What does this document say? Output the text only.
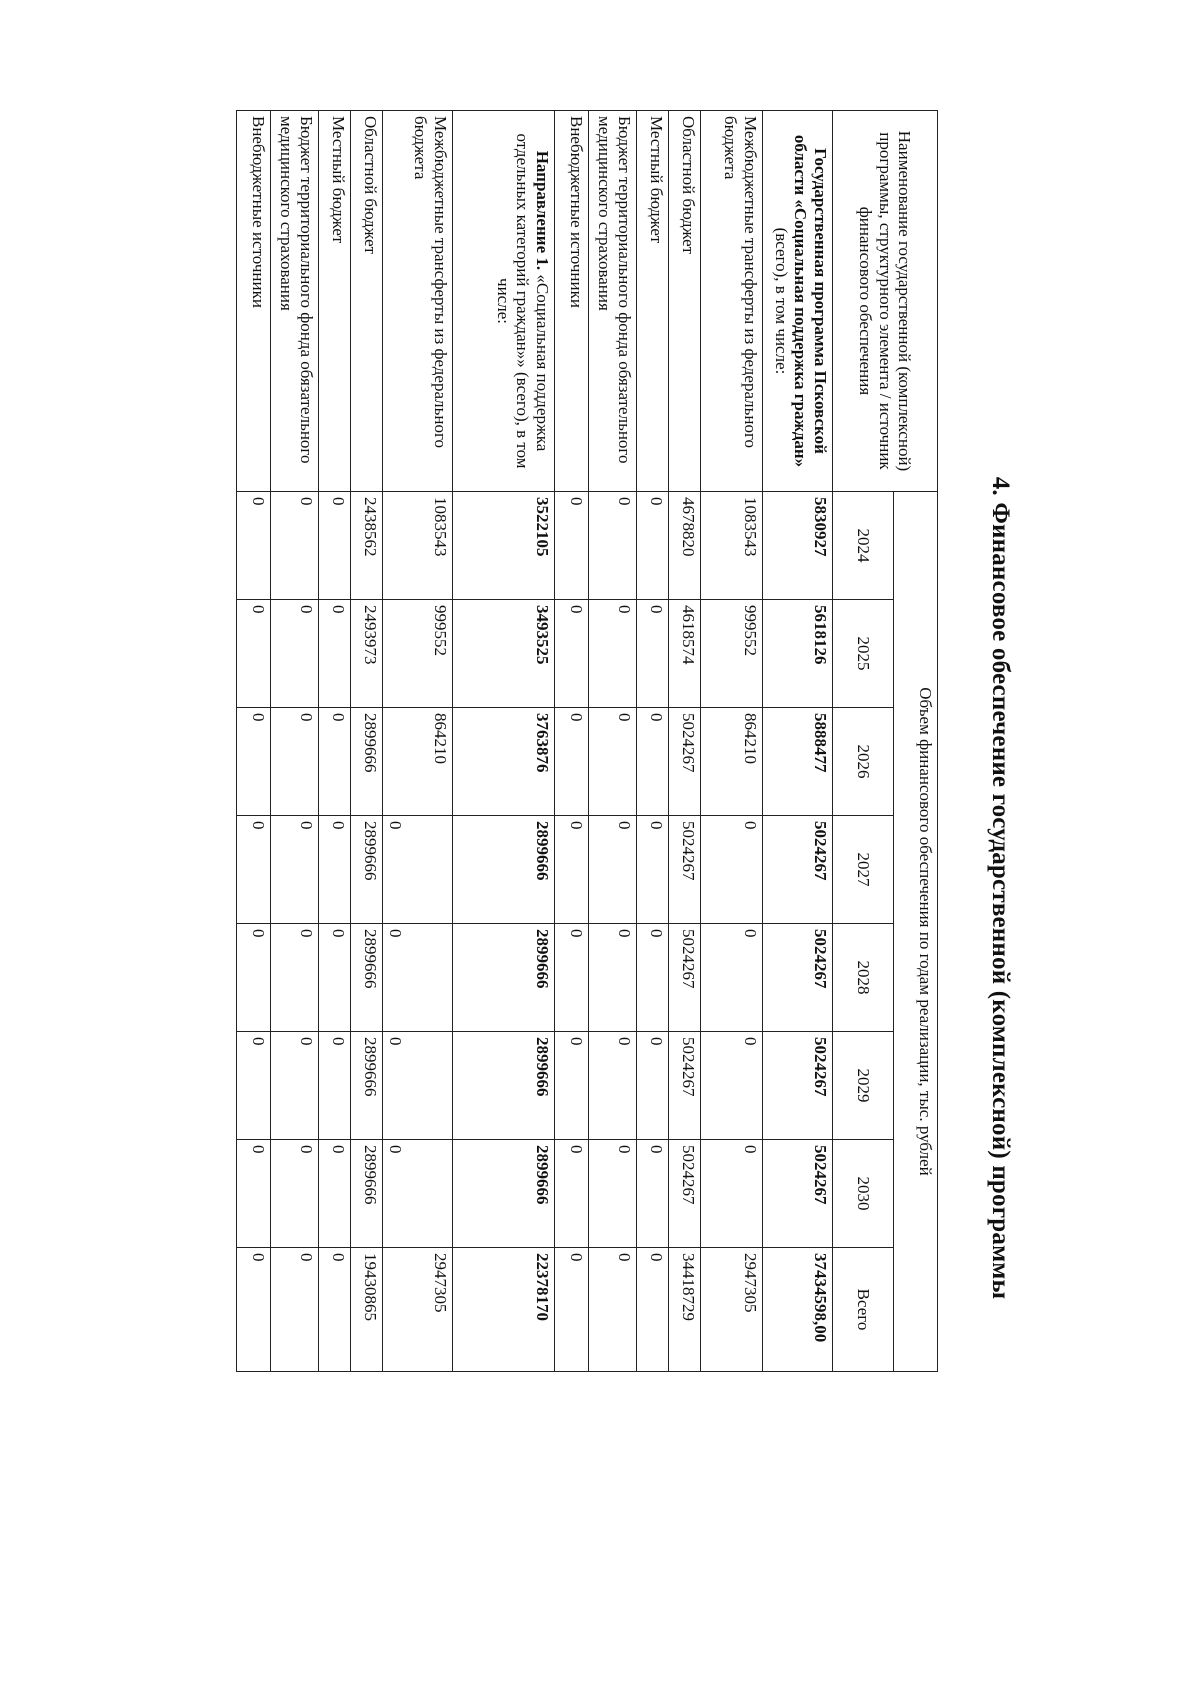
4. Финансовое обеспечение государственной (комплексной) программы
Наименование государственной (комплексной) программы, структурного элемента / источник финансового обеспечения	Объем финансового обеспечения по годам реализации, тыс. рублей							
	2024	2025	2026	2027	2028	2029	2030	Всего
Государственная программа Псковской области «Социальная поддержка граждан» (всего), в том числе:	5830927	5618126	5888477	5024267	5024267	5024267	5024267	37434598,00
Межбюджетные трансферты из федерального бюджета	1083543	999552	864210	0	0	0	0	2947305
Областной бюджет	4678820	4618574	5024267	5024267	5024267	5024267	5024267	34418729
Местный бюджет	0	0	0	0	0	0	0	0
Бюджет территориального фонда обязательного медицинского страхования	0	0	0	0	0	0	0	0
Внебюджетные источники	0	0	0	0	0	0	0	0
Направление 1. «Социальная поддержка отдельных категорий граждан»» (всего), в том числе:	3522105	3493525	3763876	2899666	2899666	2899666	2899666	22378170
Межбюджетные трансферты из федерального бюджета	1083543	999552	864210	0	0	0	0	2947305
Областной бюджет	2438562	2493973	2899666	2899666	2899666	2899666	2899666	19430865
Местный бюджет	0	0	0	0	0	0	0	0
Бюджет территориального фонда обязательного медицинского страхования	0	0	0	0	0	0	0	0
Внебюджетные источники	0	0	0	0	0	0	0	0
